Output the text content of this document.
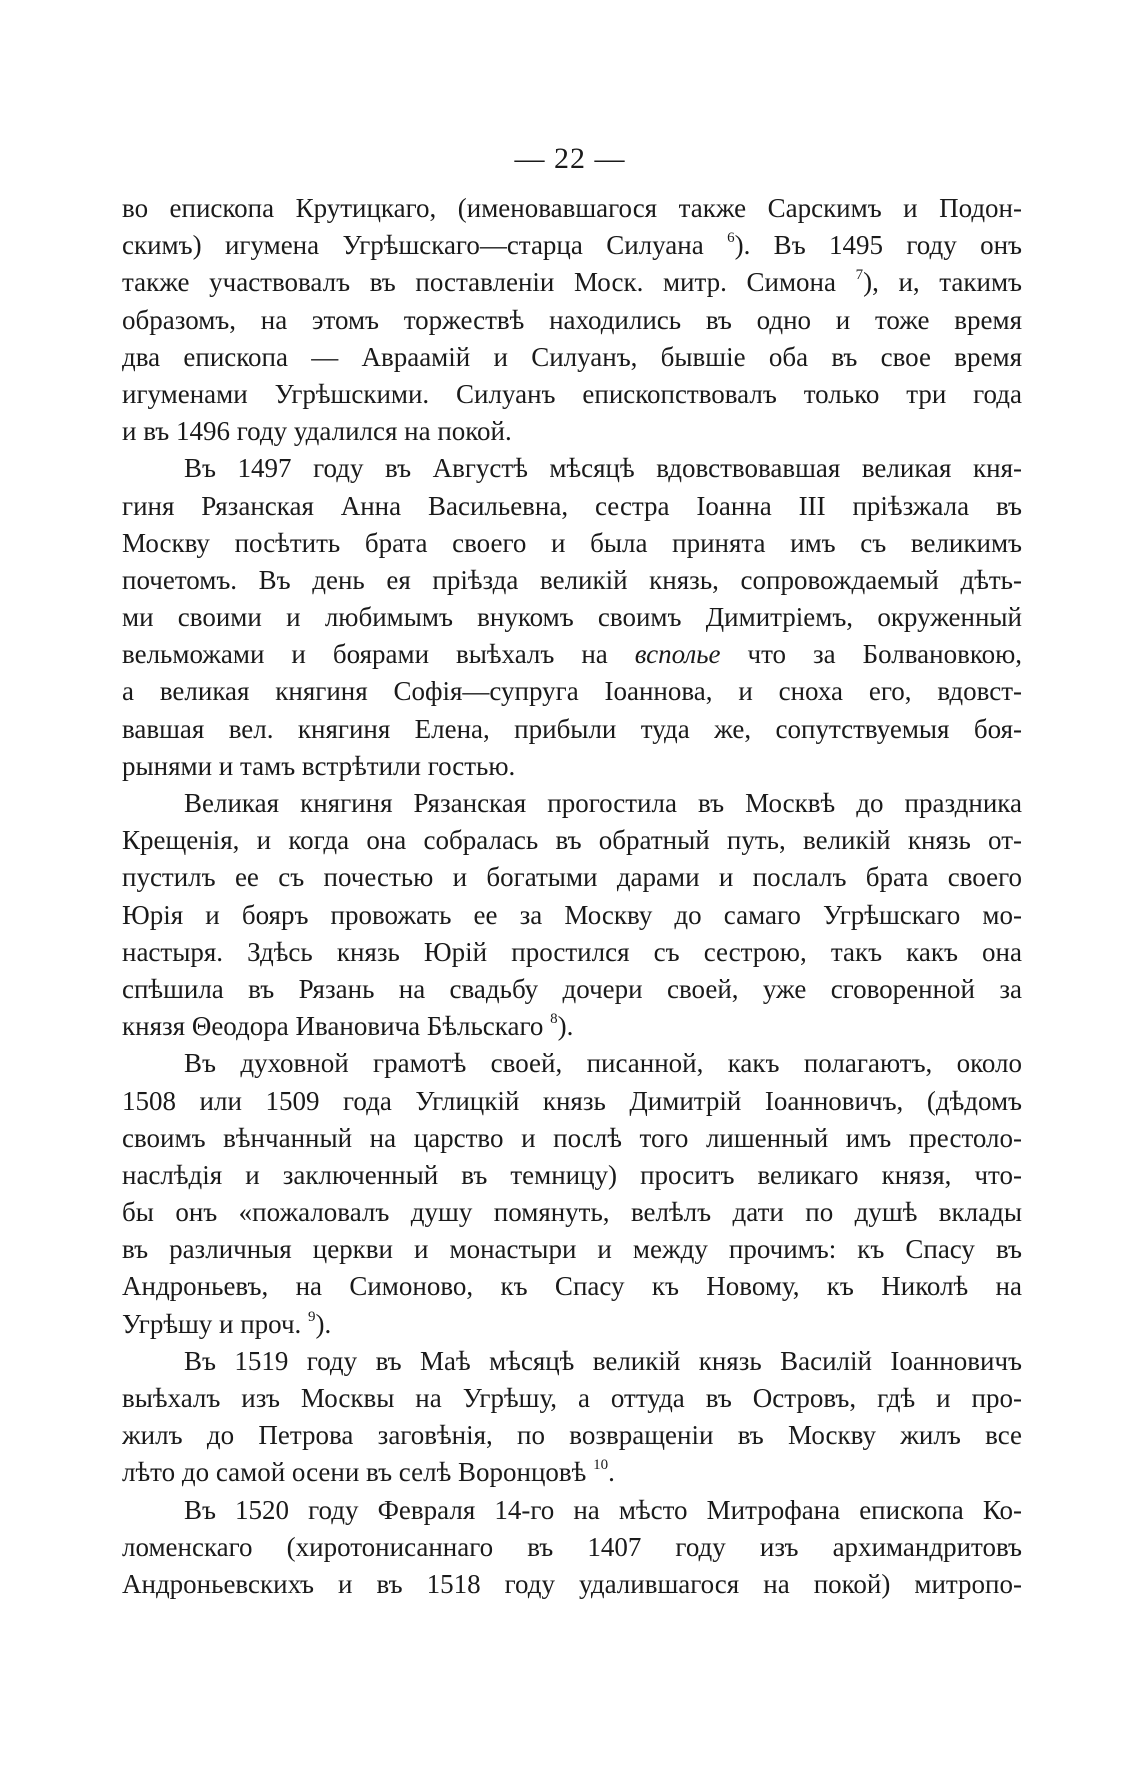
— 22 —
во епископа Крутицкаго, (именовавшагося также Сарскимъ и Подон-
скимъ) игумена Угрѣшскаго—старца Силуана $^6$). Въ 1495 году онъ
также участвовалъ въ поставленіи Моск. митр. Симона $^7$), и, такимъ
образомъ, на этомъ торжествѣ находились въ одно и тоже время
два епископа — Авраамій и Силуанъ, бывшіе оба въ свое время
игуменами Угрѣшскими. Силуанъ епископствовалъ только три года
и въ 1496 году удалился на покой.
Въ 1497 году въ Августѣ мѣсяцѣ вдовствовавшая великая кня-
гиня Рязанская Анна Васильевна, сестра Іоанна III пріѣзжала въ
Москву посѣтить брата своего и была принята имъ съ великимъ
почетомъ. Въ день ея пріѣзда великій князь, сопровождаемый дѣть-
ми своими и любимымъ внукомъ своимъ Димитріемъ, окруженный
вельможами и боярами выѣхалъ на всполье что за Болвановкою,
а великая княгиня Софія—супруга Іоаннова, и сноха его, вдовст-
вавшая вел. княгиня Елена, прибыли туда же, сопутствуемыя боя-
рынями и тамъ встрѣтили гостью.
Великая княгиня Рязанская прогостила въ Москвѣ до праздника
Крещенія, и когда она собралась въ обратный путь, великій князь от-
пустилъ ее съ почестью и богатыми дарами и послалъ брата своего
Юрія и бояръ провожать ее за Москву до самаго Угрѣшскаго мо-
настыря. Здѣсь князь Юрій простился съ сестрою, такъ какъ она
спѣшила въ Рязань на свадьбу дочери своей, уже сговоренной за
князя Θеодора Ивановича Бѣльскаго $^8$).
Въ духовной грамотѣ своей, писанной, какъ полагаютъ, около
1508 или 1509 года Углицкій князь Димитрій Іоанновичъ, (дѣдомъ
своимъ вѣнчанный на царство и послѣ того лишенный имъ престоло-
наслѣдія и заключенный въ темницу) проситъ великаго князя, что-
бы онъ «пожаловалъ душу помянуть, велѣлъ дати по душѣ вклады
въ различныя церкви и монастыри и между прочимъ: къ Спасу въ
Андроньевъ, на Симоново, къ Спасу къ Новому, къ Николѣ на
Угрѣшу и проч. $^9$).
Въ 1519 году въ Маѣ мѣсяцѣ великій князь Василій Іоанновичъ
выѣхалъ изъ Москвы на Угрѣшу, а оттуда въ Островъ, гдѣ и про-
жилъ до Петрова заговѣнія, по возвращеніи въ Москву жилъ все
лѣто до самой осени въ селѣ Воронцовѣ $^{10}$.
Въ 1520 году Февраля 14-го на мѣсто Митрофана епископа Ко-
ломенскаго (хиротонисаннаго въ 1407 году изъ архимандритовъ
Андроньевскихъ и въ 1518 году удалившагося на покой) митропо-
